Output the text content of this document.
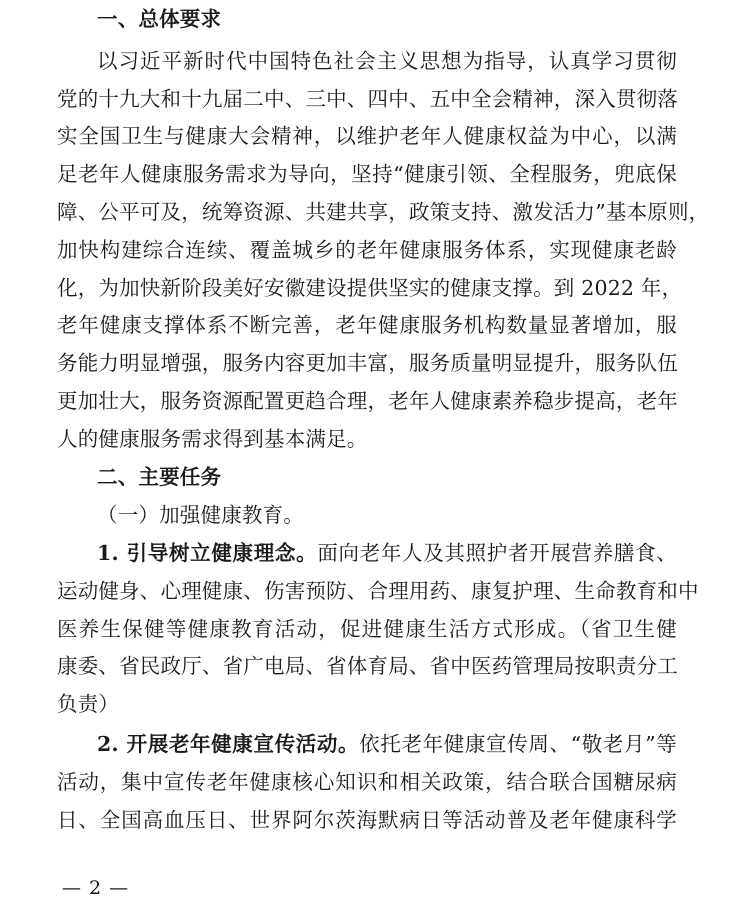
一、总体要求
以习近平新时代中国特色社会主义思想为指导，认真学习贯彻
党的十九大和十九届二中、三中、四中、五中全会精神，深入贯彻落
实全国卫生与健康大会精神，以维护老年人健康权益为中心，以满
足老年人健康服务需求为导向，坚持“健康引领、全程服务，兜底保
障、公平可及，统筹资源、共建共享，政策支持、激发活力”基本原则，
加快构建综合连续、覆盖城乡的老年健康服务体系，实现健康老龄
化，为加快新阶段美好安徽建设提供坚实的健康支撑。到 2022 年，
老年健康支撑体系不断完善，老年健康服务机构数量显著增加，服
务能力明显增强，服务内容更加丰富，服务质量明显提升，服务队伍
更加壮大，服务资源配置更趋合理，老年人健康素养稳步提高，老年
人的健康服务需求得到基本满足。
二、主要任务
（一）加强健康教育。
1. 引导树立健康理念。面向老年人及其照护者开展营养膳食、
运动健身、心理健康、伤害预防、合理用药、康复护理、生命教育和中
医养生保健等健康教育活动，促进健康生活方式形成。（省卫生健
康委、省民政厅、省广电局、省体育局、省中医药管理局按职责分工
负责）
2. 开展老年健康宣传活动。依托老年健康宣传周、“敬老月”等
活动，集中宣传老年健康核心知识和相关政策，结合联合国糖尿病
日、全国高血压日、世界阿尔茨海默病日等活动普及老年健康科学
— 2 —
